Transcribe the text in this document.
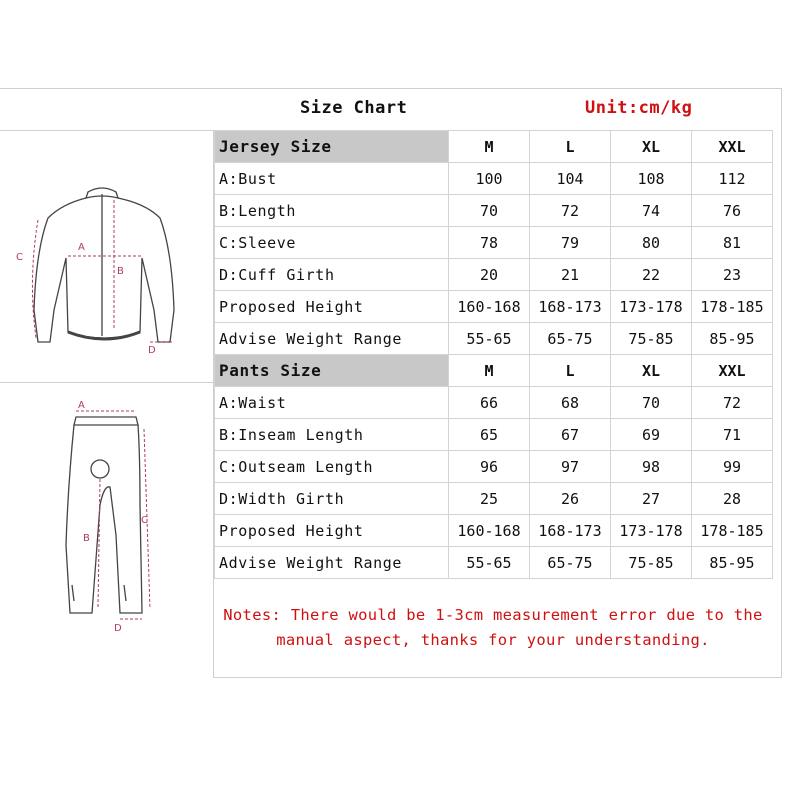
Size Chart	Unit:cm/kg
A
B
C
D
A
B
C
D
Jersey Size	M	L	XL	XXL
A:Bust	100	104	108	112
B:Length	70	72	74	76
C:Sleeve	78	79	80	81
D:Cuff Girth	20	21	22	23
Proposed Height	160-168	168-173	173-178	178-185
Advise Weight Range	55-65	65-75	75-85	85-95
Pants Size	M	L	XL	XXL
A:Waist	66	68	70	72
B:Inseam Length	65	67	69	71
C:Outseam Length	96	97	98	99
D:Width Girth	25	26	27	28
Proposed Height	160-168	168-173	173-178	178-185
Advise Weight Range	55-65	65-75	75-85	85-95
Notes: There would be 1-3cm measurement error due to the
manual aspect, thanks for your understanding.
